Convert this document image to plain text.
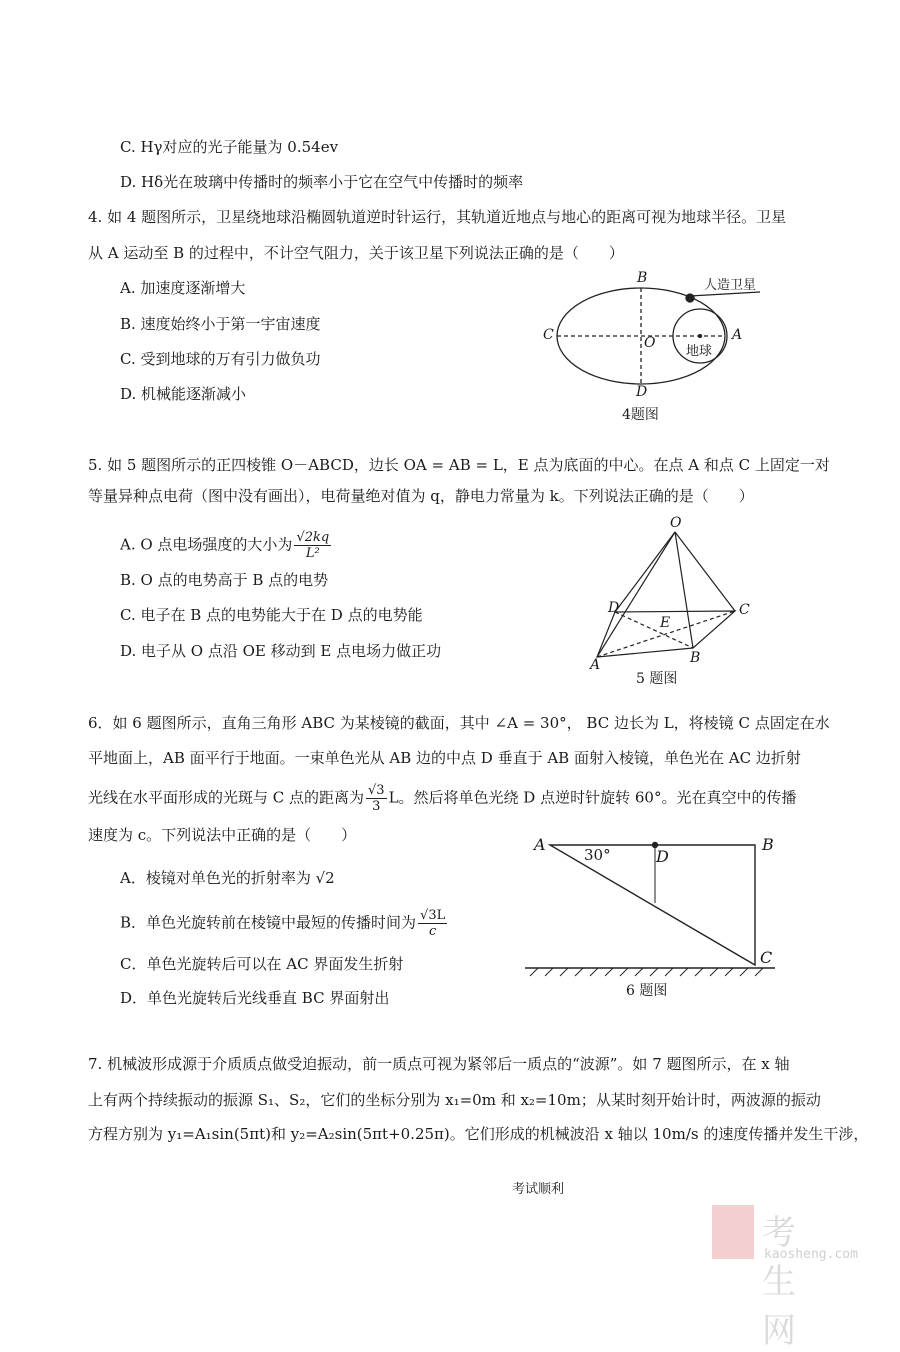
C. Hγ对应的光子能量为 0.54ev
D. Hδ光在玻璃中传播时的频率小于它在空气中传播时的频率
4. 如 4 题图所示，卫星绕地球沿椭圆轨道逆时针运行，其轨道近地点与地心的距离可视为地球半径。卫星
从 A 运动至 B 的过程中，不计空气阻力，关于该卫星下列说法正确的是（　　）
A. 加速度逐渐增大
B. 速度始终小于第一宇宙速度
C. 受到地球的万有引力做负功
D. 机械能逐渐减小
B
C	A
O
D
地球
人造卫星
4题图
5. 如 5 题图所示的正四棱锥 O－ABCD，边长 OA = AB = L，E 点为底面的中心。在点 A 和点 C 上固定一对
等量异种点电荷（图中没有画出），电荷量绝对值为 q，静电力常量为 k。下列说法正确的是（　　）
A. O 点电场强度的大小为 $\frac{√2kq}{\text{L²}}$
B. O 点的电势高于 B 点的电势
C. 电子在 B 点的电势能大于在 D 点的电势能
D. 电子从 O 点沿 OE 移动到 E 点电场力做正功
O
D	C
E
A	B
5 题图
6．如 6 题图所示，直角三角形 ABC 为某棱镜的截面，其中 ∠A = 30°， BC 边长为 L，将棱镜 C 点固定在水
平地面上，AB 面平行于地面。一束单色光从 AB 边的中点 D 垂直于 AB 面射入棱镜，单色光在 AC 边折射
光线在水平面形成的光斑与 C 点的距离为 $\frac{√3}{3}$ L。然后将单色光绕 D 点逆时针旋转 60°。光在真空中的传播
速度为 c。下列说法中正确的是（　　）
A．棱镜对单色光的折射率为 √2
B．单色光旋转前在棱镜中最短的传播时间为 $\frac{√3L}{c}$
C．单色光旋转后可以在 AC 界面发生折射
D．单色光旋转后光线垂直 BC 界面射出
A
30°	D
B
C
6 题图
7. 机械波形成源于介质质点做受迫振动，前一质点可视为紧邻后一质点的“波源”。如 7 题图所示，在 x 轴
上有两个持续振动的振源 S₁、S₂，它们的坐标分别为 x₁=0m 和 x₂=10m；从某时刻开始计时，两波源的振动
方程方别为 y₁=A₁sin(5πt)和 y₂=A₂sin(5πt+0.25π)。它们形成的机械波沿 x 轴以 10m/s 的速度传播并发生干涉，
考试顺利
考生网
kaosheng.com
